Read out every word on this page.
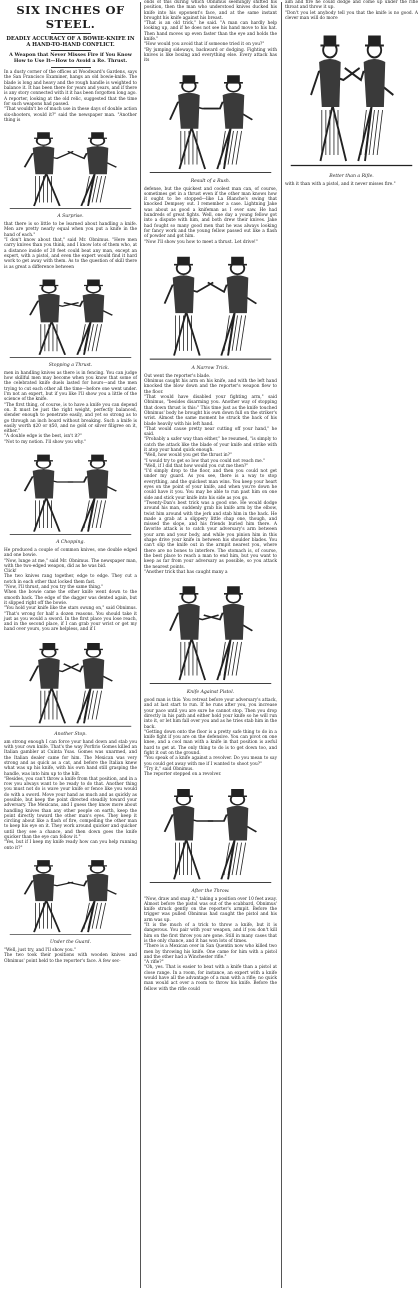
SIX INCHES OF STEEL.
DEADLY ACCURACY OF A BOWIE-KNIFE IN A HAND-TO-HAND CONFLICT.
A Weapon that Never Misses Fire if You Know How to Use It—How to Avoid a Re. Thrust.
In a dusty corner of the offices at Woodward's Gardens, says the San Francisco Examiner, hangs an old bowie-knife. The blade is long and heavy and the rough handle is weighted to balance it. It has been there for years and years, and if there is any story connected with it it has been forgotten long ago.
A reporter, looking at the old relic, suggested that the time for such weapons had passed.
"That wouldn't be of much use in these days of double action six-shooters, would it?" said the newspaper man. "Another thing is
A Surprise.
that there is so little to be learned about handling a knife. Men are pretty nearly equal when you put a knife in the hand of each."
"I don't know about that," said Mr. Obnimus. "Here men carry knives than you think, and I know lots of them who, at a distance inside of 20 feet could beat any man, except an expert, with a pistol, and even the expert would find it hard work to get away with them. As to the question of skill there is as great a difference between
Stopping a Thrust.
men in handling knives as there is in fencing. You can judge how skillful men may become when you know that some of the celebrated knife duels lasted for hours—and the men trying to cut each other all the time—before one went under. I'm not an expert, but if you like I'll show you a little of the science of the knife.
"The first thing, of course, is to have a knife you can depend on. It must be just the right weight, perfectly balanced, slender enough to penetrate easily, and yet so strong as to go through an inch board without breaking. Such a knife is easily worth $20 or $50, and no gold or silver filigree on it, either."
"A double edge is the best, isn't it?"
"Not to my notion. I'll show you why."
A Chopping.
He produced a couple of common knives, one double edged and one bowie.
"Now, lunge at me," said Mr. Obnimus. The newspaper man, with the two-edged weapon, did as he was bid.
Click!
The two knives rang together, edge to edge. They cut a notch in each other that locked them fast.
"Now, I'll thrust, and you try the same thing."
When the bowie came the other knife went down to the smooth back. The edge of the dagger was dented again, but it slipped right off the bowie.
"You hold your knife like the stars swung on," said Obnimus. "That's wrong for half a dozen reasons. You should take it just as you would a sword. In the first place you lose reach, and in the second place, if I can grab your wrist or get my hand over yours, you are helpless, and if I
Another Stop.
am strong enough I can force your hand down and stab you with your own knife. That's the way Porfirio Gomes killed an Italian gambler at Cuinta Ysas. Gomes was unarmed, and the Italian dealer came for him. The Mexican was very strong and as quick as a cat, and before the Italian knew what was up his knife, with his own hand still grasping the handle, was into him up to the hilt.
"Besides, you can't throw a knife from that position, and in a row you always want to be ready to do that. Another thing you must not do is wave your knife or fence like you would do with a sword. Move your hand as much and as quickly as possible, but keep the point directed steadily toward your adversary. The Mexicans, and I guess they know more about handling knives than any other people on earth, keep the point directly toward the other man's eyes. They keep it circling about like a flash of fire, compelling the other man to keep his eye on it. They work around quicker and quicker until they see a chance, and then down goes the knife quicker than the eye can follow it."
"Yes, but if I keep my knife ready how can you help running onto it?"
Under the Guard.
"Well, just try, and I'll show you."
The two took their positions with wooden knives and Obnimus' point held to the reporter's face. A few sec-
onds of this during which Obnimus seemingly shifted his position, then the man who understood knives ducked his knife into his opponent's face, and at the same instant brought his knife against his breast.
"That is an old trick," he said. "A man can hardly help looking up, and if he does not see his hand move to his hat. Then hand moves up even faster than the eye and holds the knife."
"How would you avoid that if someone tried it on you?"
"By jumping sideways, backward or dodging. Fighting with knives is like boxing and everything else. Every attack has its
Result of a Rush.
defense, but the quickest and coolest man can, of course, sometimes get in a thrust even if the other man knows how it ought to be stopped—like La Blanche's swing that knocked Dempsey out. I remember a case. Lightning Jake was about as good a knifeman as I ever saw. He had hundreds of great fights. Well, one day a young fellow got into a dispute with him, and both drew their knives. Jake had fought so many good men that he was always looking for fancy work and the young fellow passed out like a flash of powder and got him.
"Now I'll show you how to meet a thrust. Let drive!"
A Narrow Trick.
Out went the reporter's blade.
Obnimus caught his arm on his knife, and with the left hand knocked the blow down and the reporter's weapon flew to the floor.
"That would have disabled your fighting arm," said Obnimus, "besides disarming you. Another way of stopping that down thrust is this:" This time just as the knife touched Obnimus' body he brought his own down full on the striker's wrist. Almost the same moment he struck the back of his blade heavily with his left hand.
"That would cause pretty near cutting off your hand," he said.
"Probably a safer way than either," he resumed, "is simply to catch the attack like the blade of your knife and strike with it atop your hand quick enough.
"Well, how would you get the thrust in?"
"I would try to get so low that you could not reach me."
"Well, if I did that how would you cut me then?"
"I'd simply drop to the floor, and then you could not get under my guard. As you see, there is a way to stop everything, and the quickest man wins. You keep your heart eyes on the point of your knife, and when you're down he could have it you. You may be able to run past him on one side and stick your knife into his side as you go.
"Twenty-Dan's best trick was a good one. He would dodge around his man, suddenly grab his knife arm by the elbow, twist him around with the jerk and stab him in the back. He made a grab at a slippery little chap one, though, and missed the slope, and his friends buried him there. A favorite attack is to catch your adversary's arm between your arm and your body, and while you pinion him in this shape drive your knife in between his shoulder blades. You can't slip the knife out in the armpit nearest you, where there are no bones to interfere. The stomach is, of course, the best place to reach a man to end him, but you want to keep as far from your adversary as possible, so you attack the nearest points.
"Another trick that has caught many a
Knife Against Pistol.
good man is this: You retreat before your adversary's attack, and at last start to run. If he runs after you, you increase your pace until you are sure he cannot stop. Then you drop directly in his path and either hold your knife so he will run into it, or let him fall over you and as he tries stab him in the back.
"Getting down onto the floor is a pretty safe thing to do in a knife fight if you are on the defensive. You can pivot on one knee, and a cool man with a knife in that position is awful hard to get at. The only thing to do is to get down too, and fight it out on the ground.
"You speak of a knife against a revolver. Do you mean to say you could get away with me if I wanted to shoot you?"
"Try it," said Obnimus.
The reporter stepped on a revolver.
After the Throw.
"Now, draw and snap it," taking a position over 10 feet away.
Almost before the pistol was out of the scabbard, Obnimus' knife struck gently on the reporter's armpit. Before the trigger was pulled Obnimus had caught the pistol and his arm was up.
"It is the much of a trick to throw a knife, but it is dangerous. You pair with your weapon, and if you don't kill him on the first throw you are gone. Still in many cases that is the only chance, and it has won lots of times.
"There is a Mexican over in San Quentin now who killed two men by throwing his knife. One came for him with a pistol and the other had a Winchester rifle."
"A rifle?"
"Oh, yes. That is easier to beat with a knife than a pistol at close range. In a room, for instance, an expert with a knife would have all the advantage of a man with a rifle; no quick man would act over a room to throw his knife. Before the fellow with the rifle could
aim and fire he could dodge and come up under the rifle throat and throw it up.
"Don't you let anybody tell you that the knife is no good. A clever man will do more
Better than a Rifle.
with it than with a pistol, and it never misses fire."
